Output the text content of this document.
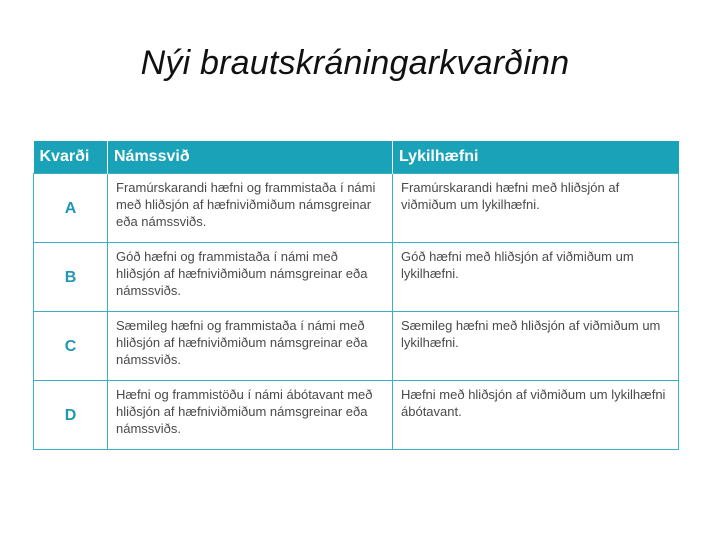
Nýi brautskráningarkvarðinn
Kvarði	Námssvið	Lykilhæfni
A	Framúrskarandi hæfni og frammistaða í námi með hliðsjón af hæfniviðmiðum námsgreinar eða námssviðs.	Framúrskarandi hæfni með hliðsjón af viðmiðum um lykilhæfni.
B	Góð hæfni og frammistaða í námi með hliðsjón af hæfniviðmiðum námsgreinar eða námssviðs.	Góð hæfni með hliðsjón af viðmiðum um lykilhæfni.
C	Sæmileg hæfni og frammistaða í námi með hliðsjón af hæfniviðmiðum námsgreinar eða námssviðs.	Sæmileg hæfni með hliðsjón af viðmiðum um lykilhæfni.
D	Hæfni og frammistöðu í námi ábótavant með hliðsjón af hæfniviðmiðum námsgreinar eða námssviðs.	Hæfni með hliðsjón af viðmiðum um lykilhæfni ábótavant.
